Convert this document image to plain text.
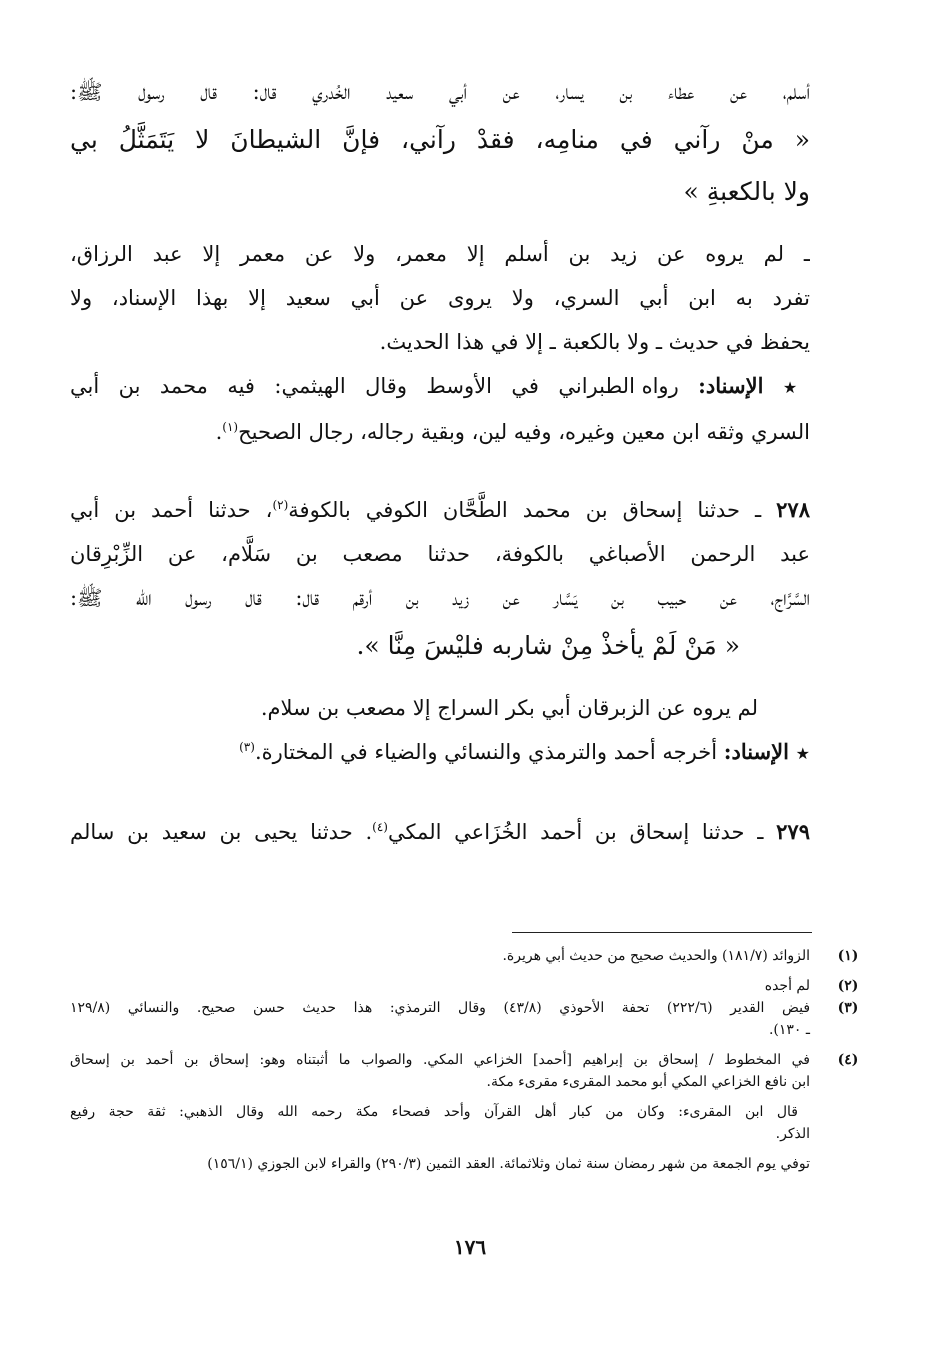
أسلم، عن عطاء بن يسار، عن أبي سعيد الخُدري قال: قال رسول ﷺ:

« منْ رآني في منامِه، فقدْ رآني، فإنَّ الشيطانَ لا يَتَمَثَّلُ بي

ولا بالكعبةِ »

ـ لم يروه عن زيد بن أسلم إلا معمر، ولا عن معمر إلا عبد الرزاق،

تفرد به ابن أبي السري، ولا يروى عن أبي سعيد إلا بهذا الإسناد، ولا

يحفظ في حديث ـ ولا بالكعبة ـ إلا في هذا الحديث.

★ الإسناد: رواه الطبراني في الأوسط وقال الهيثمي: فيه محمد بن أبي

السري وثقه ابن معين وغيره، وفيه لين، وبقية رجاله، رجال الصحيح$^{(١)}$.

٢٧٨ ـ حدثنا إسحاق بن محمد الطَّحَّان الكوفي بالكوفة$^{(٢)}$، حدثنا أحمد بن أبي

عبد الرحمن الأصباغي بالكوفة، حدثنا مصعب بن سَلَّام، عن الزِّبْرِقان

السَّرَّاج، عن حبيب بن يَسَّار عن زيد بن أرقم قال: قال رسول الله ﷺ:

« مَنْ لَمْ يأخذْ مِنْ شاربه فليْسَ مِنَّا ».

لم يروه عن الزبرقان أبي بكر السراج إلا مصعب بن سلام.

★ الإسناد: أخرجه أحمد والترمذي والنسائي والضياء في المختارة.$^{(٣)}$

٢٧٩ ـ حدثنا إسحاق بن أحمد الخُزَاعي المكي$^{(٤)}$. حدثنا يحيى بن سعيد بن سالم

(١)

الزوائد (١٨١/٧) والحديث صحيح من حديث أبي هريرة.

(٢)

لم أجده

(٣)

فيض القدير (٢٢٢/٦) تحفة الأحوذي (٤٣/٨) وقال الترمذي: هذا حديث حسن صحيح. والنسائي (١٢٩/٨

ـ ١٣٠).

(٤)

في المخطوط / إسحاق بن إبراهيم [أحمد] الخزاعي المكي. والصواب ما أثبتناه وهو: إسحاق بن أحمد بن إسحاق

ابن نافع الخزاعي المكي أبو محمد المقرىء مقرىء مكة.

قال ابن المقرىء: وكان من كبار أهل القرآن وأحد فصحاء مكة رحمه الله وقال الذهبي: ثقة حجة رفيع

الذكر.

توفي يوم الجمعة من شهر رمضان سنة ثمان وثلاثمائة. العقد الثمين (٢٩٠/٣) والقراء لابن الجوزي (١٥٦/١)

١٧٦
